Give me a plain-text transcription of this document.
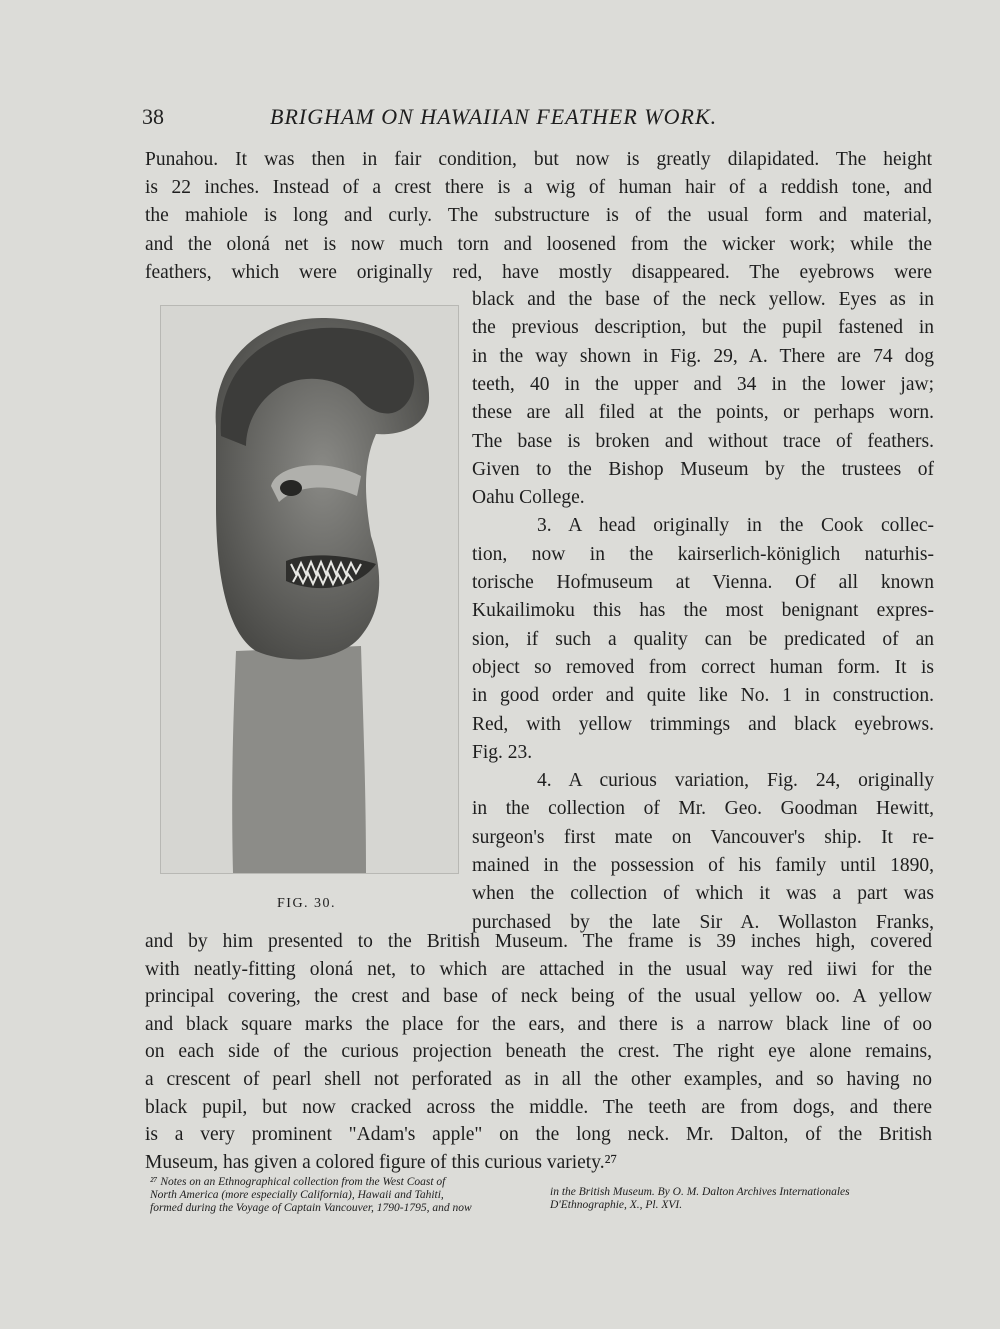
38	BRIGHAM ON HAWAIIAN FEATHER WORK.
Punahou. It was then in fair condition, but now is greatly dilapidated. The height
is 22 inches. Instead of a crest there is a wig of human hair of a reddish tone, and
the mahiole is long and curly. The substructure is of the usual form and material,
and the oloná net is now much torn and loosened from the wicker work; while the
feathers, which were originally red, have mostly disappeared. The eyebrows were
black and the base of the neck yellow. Eyes as in
the previous description, but the pupil fastened in
in the way shown in Fig. 29, A. There are 74 dog
teeth, 40 in the upper and 34 in the lower jaw;
these are all filed at the points, or perhaps worn.
The base is broken and without trace of feathers.
Given to the Bishop Museum by the trustees of
Oahu College.
3. A head originally in the Cook collec-
tion, now in the kairserlich-königlich naturhis-
torische Hofmuseum at Vienna. Of all known
Kukailimoku this has the most benignant expres-
sion, if such a quality can be predicated of an
object so removed from correct human form. It is
in good order and quite like No. 1 in construction.
Red, with yellow trimmings and black eyebrows.
Fig. 23.
4. A curious variation, Fig. 24, originally
in the collection of Mr. Geo. Goodman Hewitt,
surgeon's first mate on Vancouver's ship. It re-
mained in the possession of his family until 1890,
when the collection of which it was a part was
purchased by the late Sir A. Wollaston Franks,
and by him presented to the British Museum. The frame is 39 inches high, covered
with neatly-fitting oloná net, to which are attached in the usual way red iiwi for the
principal covering, the crest and base of neck being of the usual yellow oo. A yellow
and black square marks the place for the ears, and there is a narrow black line of oo
on each side of the curious projection beneath the crest. The right eye alone remains,
a crescent of pearl shell not perforated as in all the other examples, and so having no
black pupil, but now cracked across the middle. The teeth are from dogs, and there
is a very prominent "Adam's apple" on the long neck. Mr. Dalton, of the British
Museum, has given a colored figure of this curious variety.²⁷
FIG. 30.
²⁷ Notes on an Ethnographical collection from the West Coast of
North America (more especially California), Hawaii and Tahiti,
formed during the Voyage of Captain Vancouver, 1790-1795, and now
in the British Museum. By O. M. Dalton Archives Internationales
D'Ethnographie, X., Pl. XVI.
